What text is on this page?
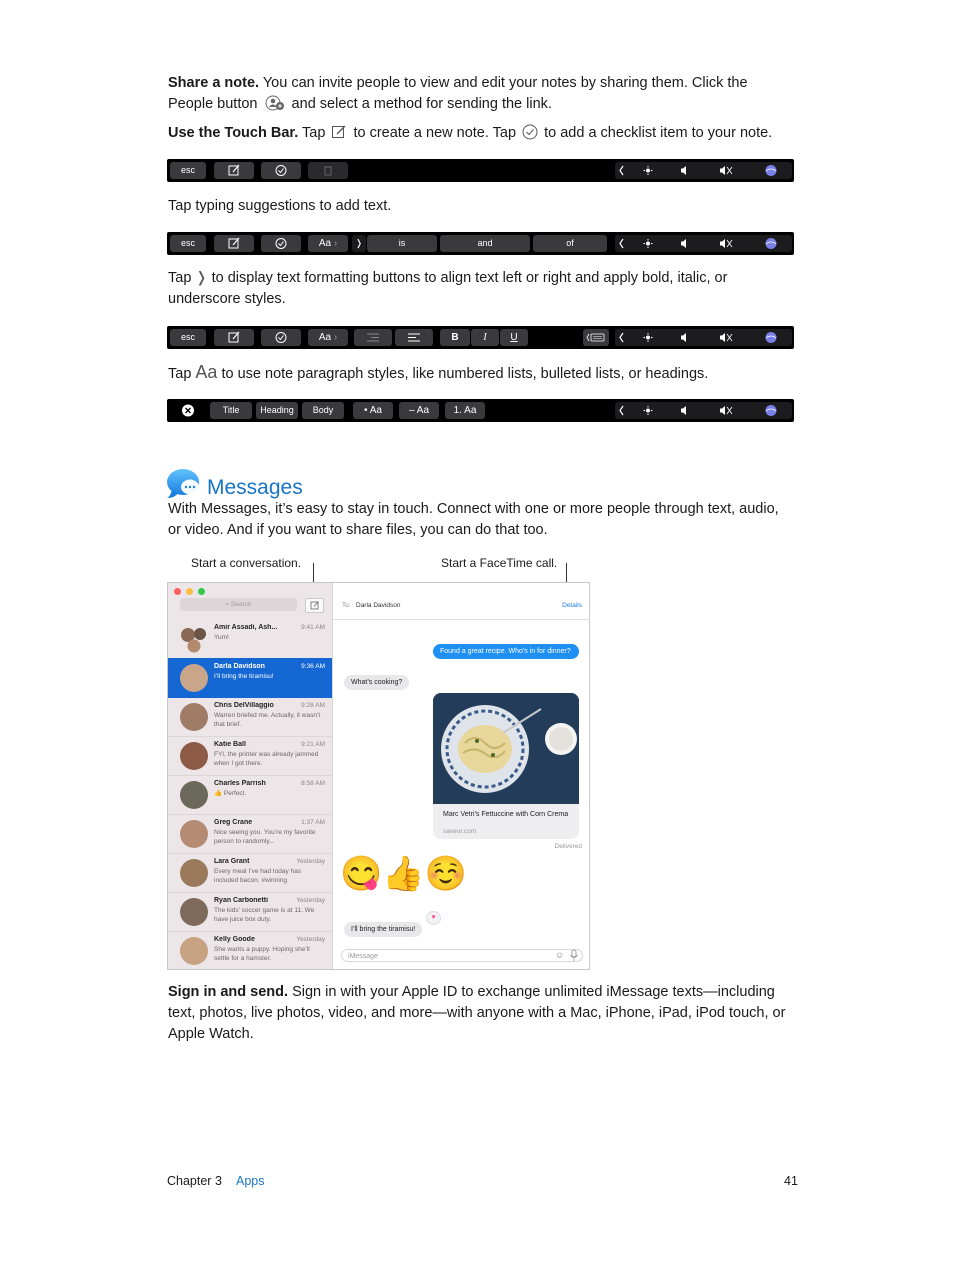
Share a note. You can invite people to view and edit your notes by sharing them. Click the
People button  and select a method for sending the link.
Use the Touch Bar. Tap  to create a new note. Tap  to add a checklist item to your note.
esc
Tap typing suggestions to add text.
esc	Aa ›	❭	is	and	of
Tap ❭ to display text formatting buttons to align text left or right and apply bold, italic, or
underscore styles.
esc	Aa ›	B	I	U
Tap Aa to use note paragraph styles, like numbered lists, bulleted lists, or headings.
Title	Heading	Body	• Aa	– Aa	1. Aa
Messages
With Messages, it’s easy to stay in touch. Connect with one or more people through text, audio,
or video. And if you want to share files, you can do that too.
Start a conversation.	Start a FaceTime call.
⌕ Search
Amir Assadi, Ash...	9:41 AM
Yum!
Darla Davidson	9:36 AM
I’ll bring the tiramisu!
Chris DelVillaggio	9:28 AM
Warren briefed me. Actually, it wasn’t that brief.
Katie Ball	9:21 AM
FYI, the printer was already jammed when I got there.
Charles Parrish	8:58 AM
👍 Perfect.
Greg Crane	1:37 AM
Nice seeing you. You’re my favorite person to randomly...
Lara Grant	Yesterday
Every meal I’ve had today has included bacon. #winning
Ryan Carbonetti	Yesterday
The kids’ soccer game is at 11. We have juice box duty.
Kelly Goode	Yesterday
She wants a puppy. Hoping she’ll settle for a hamster.
To: Darla Davidson	Details
Found a great recipe. Who’s in for dinner?
What’s cooking?
Marc Vetri’s Fettuccine with Corn Crema
saveur.com
Delivered
😋👍☺️
I’ll bring the tiramisu!
♥
iMessage	☺
Sign in and send. Sign in with your Apple ID to exchange unlimited iMessage texts—including
text, photos, live photos, video, and more—with anyone with a Mac, iPhone, iPad, iPod touch, or
Apple Watch.
Chapter 3 Apps	41
